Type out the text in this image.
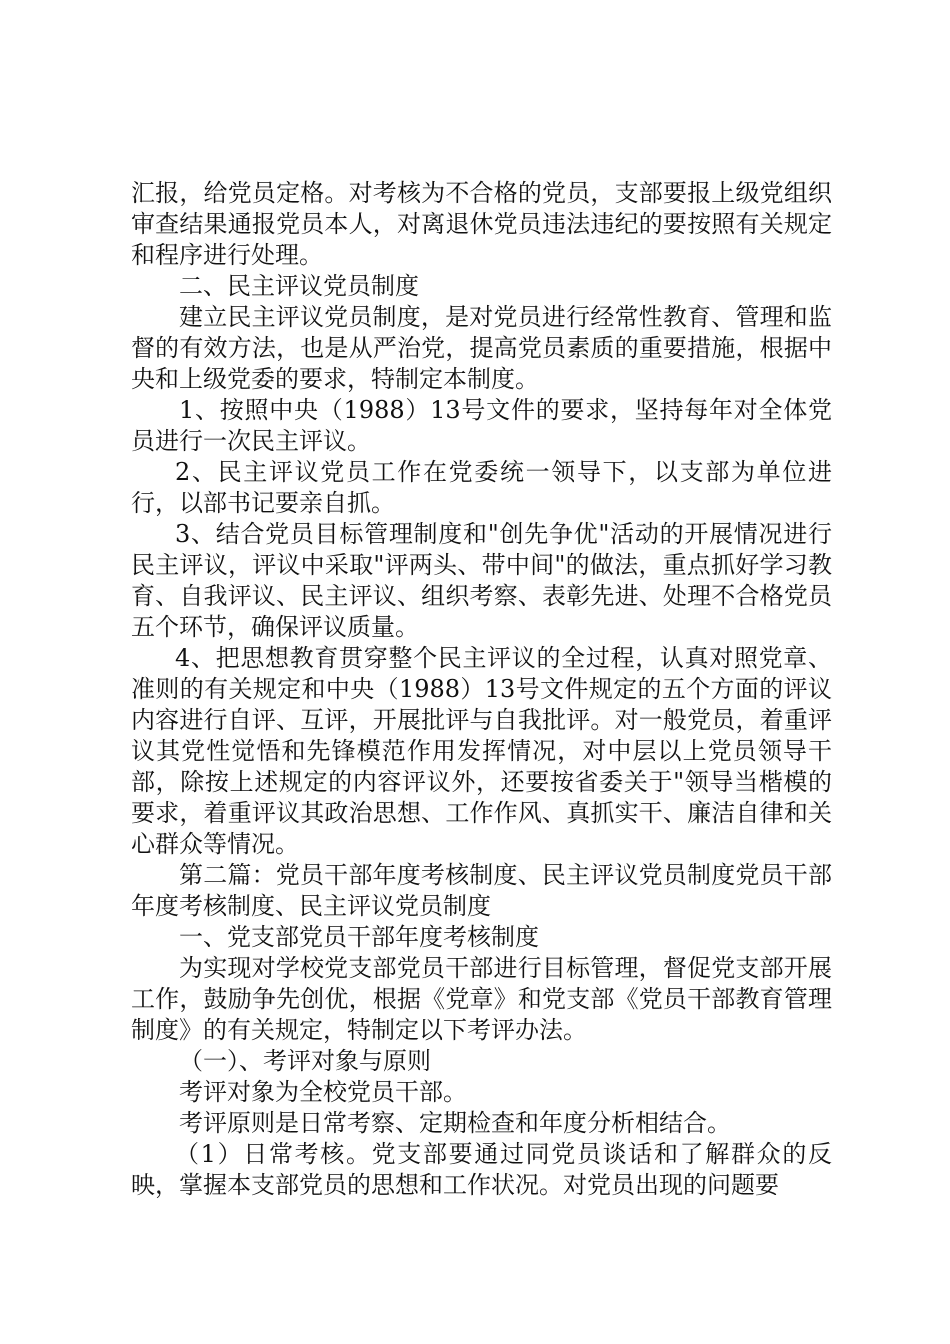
汇报，给党员定格。对考核为不合格的党员，支部要报上级党组织审查结果通报党员本人，对离退休党员违法违纪的要按照有关规定和程序进行处理。

二、民主评议党员制度

建立民主评议党员制度，是对党员进行经常性教育、管理和监督的有效方法，也是从严治党，提高党员素质的重要措施，根据中央和上级党委的要求，特制定本制度。

1、按照中央（1988）13号文件的要求，坚持每年对全体党员进行一次民主评议。

2、民主评议党员工作在党委统一领导下，以支部为单位进行，以部书记要亲自抓。

3、结合党员目标管理制度和"创先争优"活动的开展情况进行民主评议，评议中采取"评两头、带中间"的做法，重点抓好学习教育、自我评议、民主评议、组织考察、表彰先进、处理不合格党员五个环节，确保评议质量。

4、把思想教育贯穿整个民主评议的全过程，认真对照党章、准则的有关规定和中央（1988）13号文件规定的五个方面的评议内容进行自评、互评，开展批评与自我批评。对一般党员，着重评议其党性觉悟和先锋模范作用发挥情况，对中层以上党员领导干部，除按上述规定的内容评议外，还要按省委关于"领导当楷模的要求，着重评议其政治思想、工作作风、真抓实干、廉洁自律和关心群众等情况。

第二篇：党员干部年度考核制度、民主评议党员制度党员干部年度考核制度、民主评议党员制度

一、党支部党员干部年度考核制度

为实现对学校党支部党员干部进行目标管理，督促党支部开展工作，鼓励争先创优，根据《党章》和党支部《党员干部教育管理制度》的有关规定，特制定以下考评办法。

（一）、考评对象与原则

考评对象为全校党员干部。

考评原则是日常考察、定期检查和年度分析相结合。

（1）日常考核。党支部要通过同党员谈话和了解群众的反映，掌握本支部党员的思想和工作状况。对党员出现的问题要
